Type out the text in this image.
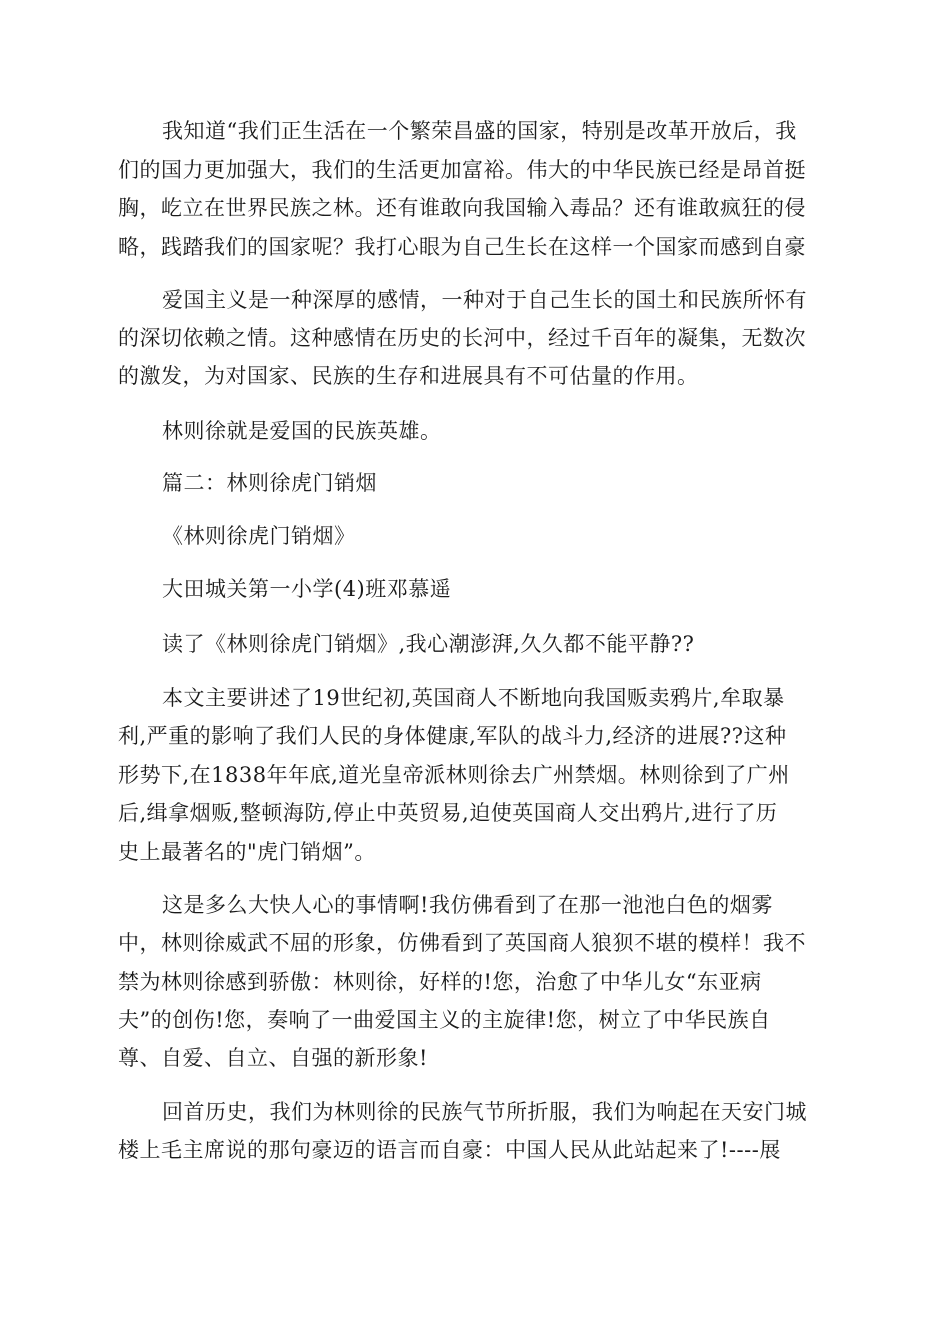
我知道“我们正生活在一个繁荣昌盛的国家，特别是改革开放后，我
们的国力更加强大，我们的生活更加富裕。伟大的中华民族已经是昂首挺
胸，屹立在世界民族之林。还有谁敢向我国输入毒品？还有谁敢疯狂的侵
略，践踏我们的国家呢？我打心眼为自己生长在这样一个国家而感到自豪
爱国主义是一种深厚的感情，一种对于自己生长的国土和民族所怀有
的深切依赖之情。这种感情在历史的长河中，经过千百年的凝集，无数次
的激发，为对国家、民族的生存和进展具有不可估量的作用。
林则徐就是爱国的民族英雄。
篇二：林则徐虎门销烟
《林则徐虎门销烟》
大田城关第一小学(4)班邓慕遥
读了《林则徐虎门销烟》,我心潮澎湃,久久都不能平静??
本文主要讲述了19世纪初,英国商人不断地向我国贩卖鸦片,牟取暴
利,严重的影响了我们人民的身体健康,军队的战斗力,经济的进展??这种
形势下,在1838年年底,道光皇帝派林则徐去广州禁烟。林则徐到了广州
后,缉拿烟贩,整顿海防,停止中英贸易,迫使英国商人交出鸦片,进行了历
史上最著名的"虎门销烟”。
这是多么大快人心的事情啊!我仿佛看到了在那一池池白色的烟雾
中，林则徐威武不屈的形象，仿佛看到了英国商人狼狈不堪的模样！我不
禁为林则徐感到骄傲：林则徐，好样的!您，治愈了中华儿女“东亚病
夫”的创伤!您，奏响了一曲爱国主义的主旋律!您，树立了中华民族自
尊、自爱、自立、自强的新形象!
回首历史，我们为林则徐的民族气节所折服，我们为响起在天安门城
楼上毛主席说的那句豪迈的语言而自豪：中国人民从此站起来了!----展
